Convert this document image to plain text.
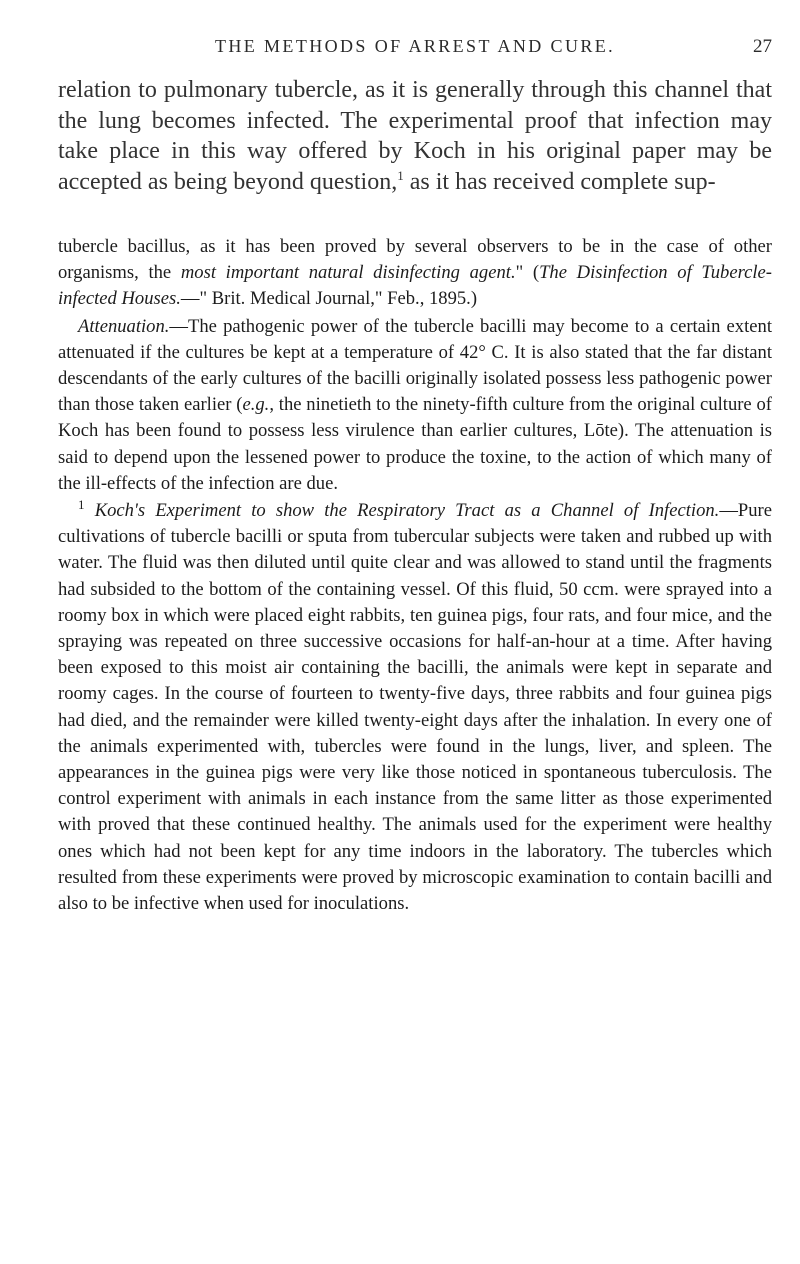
THE METHODS OF ARREST AND CURE.	27

relation to pulmonary tubercle, as it is generally through this channel that the lung becomes infected. The experimental proof that infection may take place in this way offered by Koch in his original paper may be accepted as being beyond question,$^1$ as it has received complete sup-

tubercle bacillus, as it has been proved by several observers to be in the case of other organisms, the most important natural disinfecting agent." (The Disinfection of Tubercle-infected Houses.—" Brit. Medical Journal," Feb., 1895.)

Attenuation.—The pathogenic power of the tubercle bacilli may become to a certain extent attenuated if the cultures be kept at a temperature of 42° C. It is also stated that the far distant descendants of the early cultures of the bacilli originally isolated possess less pathogenic power than those taken earlier (e.g., the ninetieth to the ninety-fifth culture from the original culture of Koch has been found to possess less virulence than earlier cultures, Lōte). The attenuation is said to depend upon the lessened power to produce the toxine, to the action of which many of the ill-effects of the infection are due.

$^1$ Koch's Experiment to show the Respiratory Tract as a Channel of Infection.—Pure cultivations of tubercle bacilli or sputa from tubercular subjects were taken and rubbed up with water. The fluid was then diluted until quite clear and was allowed to stand until the fragments had subsided to the bottom of the containing vessel. Of this fluid, 50 ccm. were sprayed into a roomy box in which were placed eight rabbits, ten guinea pigs, four rats, and four mice, and the spraying was repeated on three successive occasions for half-an-hour at a time. After having been exposed to this moist air containing the bacilli, the animals were kept in separate and roomy cages. In the course of fourteen to twenty-five days, three rabbits and four guinea pigs had died, and the remainder were killed twenty-eight days after the inhalation. In every one of the animals experimented with, tubercles were found in the lungs, liver, and spleen. The appearances in the guinea pigs were very like those noticed in spontaneous tuberculosis. The control experiment with animals in each instance from the same litter as those experimented with proved that these continued healthy. The animals used for the experiment were healthy ones which had not been kept for any time indoors in the laboratory. The tubercles which resulted from these experiments were proved by microscopic examination to contain bacilli and also to be infective when used for inoculations.
